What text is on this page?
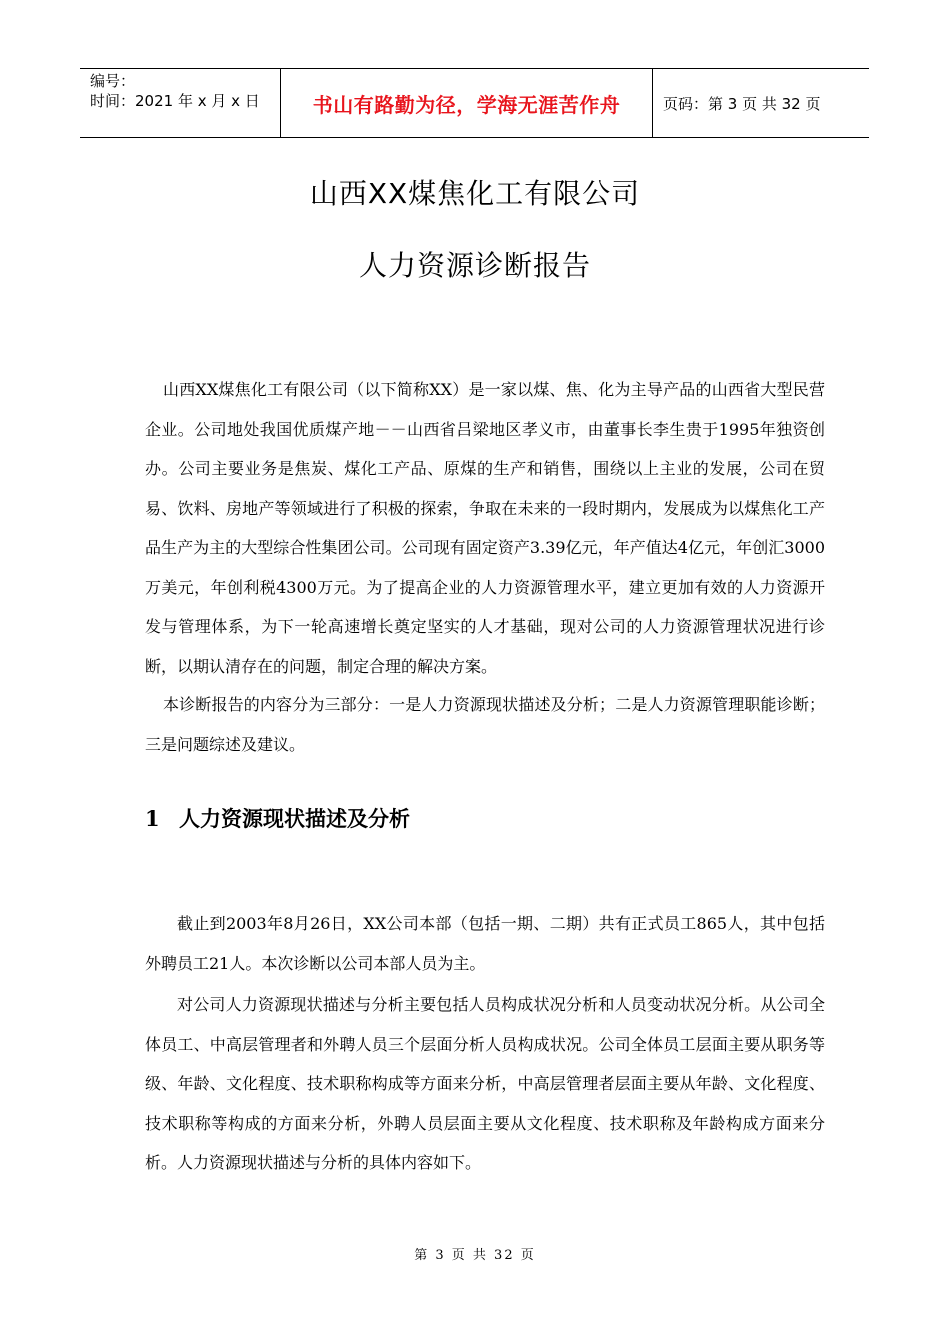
编号：
时间：2021 年 x 月 x 日	书山有路勤为径，学海无涯苦作舟	页码：第 3 页 共 32 页
山西XX煤焦化工有限公司
人力资源诊断报告

山西XX煤焦化工有限公司（以下简称XX）是一家以煤、焦、化为主导产品的山西省大型民营企业。公司地处我国优质煤产地－－山西省吕梁地区孝义市，由董事长李生贵于1995年独资创办。公司主要业务是焦炭、煤化工产品、原煤的生产和销售，围绕以上主业的发展，公司在贸易、饮料、房地产等领域进行了积极的探索，争取在未来的一段时期内，发展成为以煤焦化工产品生产为主的大型综合性集团公司。公司现有固定资产3.39亿元，年产值达4亿元，年创汇3000万美元，年创利税4300万元。为了提高企业的人力资源管理水平，建立更加有效的人力资源开发与管理体系，为下一轮高速增长奠定坚实的人才基础，现对公司的人力资源管理状况进行诊断，以期认清存在的问题，制定合理的解决方案。

本诊断报告的内容分为三部分：一是人力资源现状描述及分析；二是人力资源管理职能诊断；三是问题综述及建议。

1 人力资源现状描述及分析

截止到2003年8月26日，XX公司本部（包括一期、二期）共有正式员工865人，其中包括外聘员工21人。本次诊断以公司本部人员为主。

对公司人力资源现状描述与分析主要包括人员构成状况分析和人员变动状况分析。从公司全体员工、中高层管理者和外聘人员三个层面分析人员构成状况。公司全体员工层面主要从职务等级、年龄、文化程度、技术职称构成等方面来分析，中高层管理者层面主要从年龄、文化程度、技术职称等构成的方面来分析，外聘人员层面主要从文化程度、技术职称及年龄构成方面来分析。人力资源现状描述与分析的具体内容如下。

第 3 页 共 32 页
